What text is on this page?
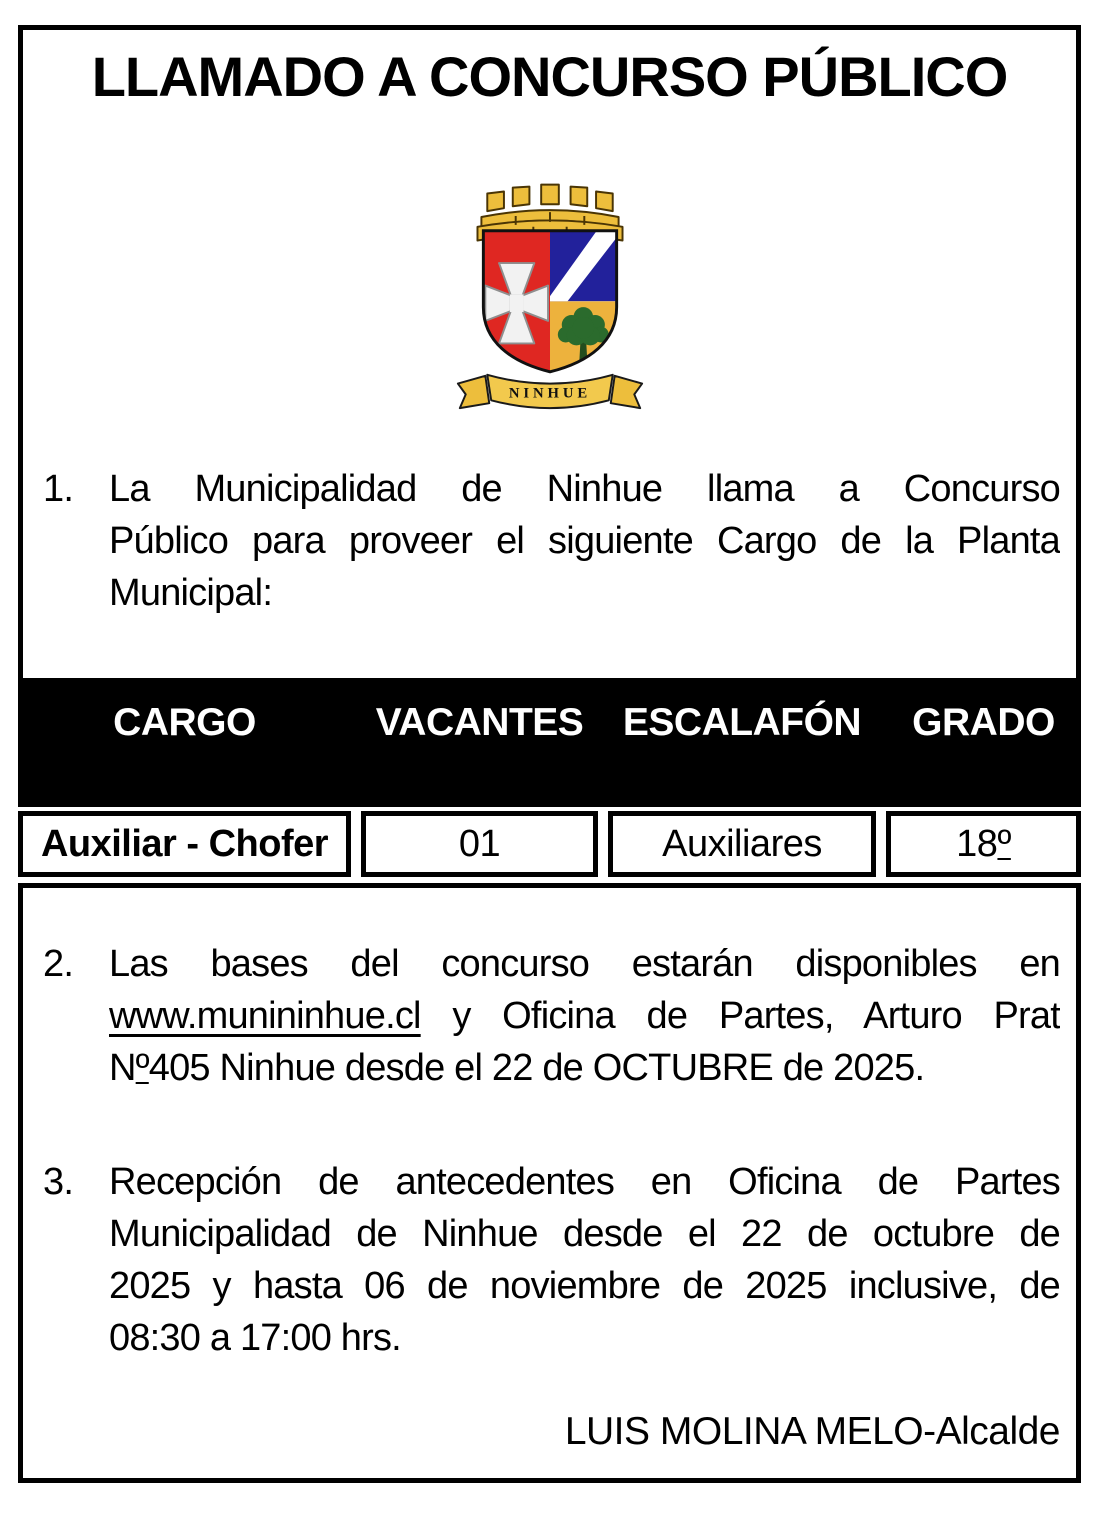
LLAMADO A CONCURSO PÚBLICO
NINHUE
1. La Municipalidad de Ninhue llama a Concurso
Público para proveer el siguiente Cargo de la Planta
Municipal:
CARGO	VACANTES	ESCALAFÓN	GRADO
Auxiliar - Chofer	01	Auxiliares	18 º
2. Las bases del concurso estarán disponibles en
www.munininhue.cl y Oficina de Partes, Arturo Prat
Nº405 Ninhue desde el 22 de OCTUBRE de 2025.
3. Recepción de antecedentes en Oficina de Partes
Municipalidad de Ninhue desde el 22 de octubre de
2025 y hasta 06 de noviembre de 2025 inclusive, de
08:30 a 17:00 hrs.
LUIS MOLINA MELO-Alcalde
